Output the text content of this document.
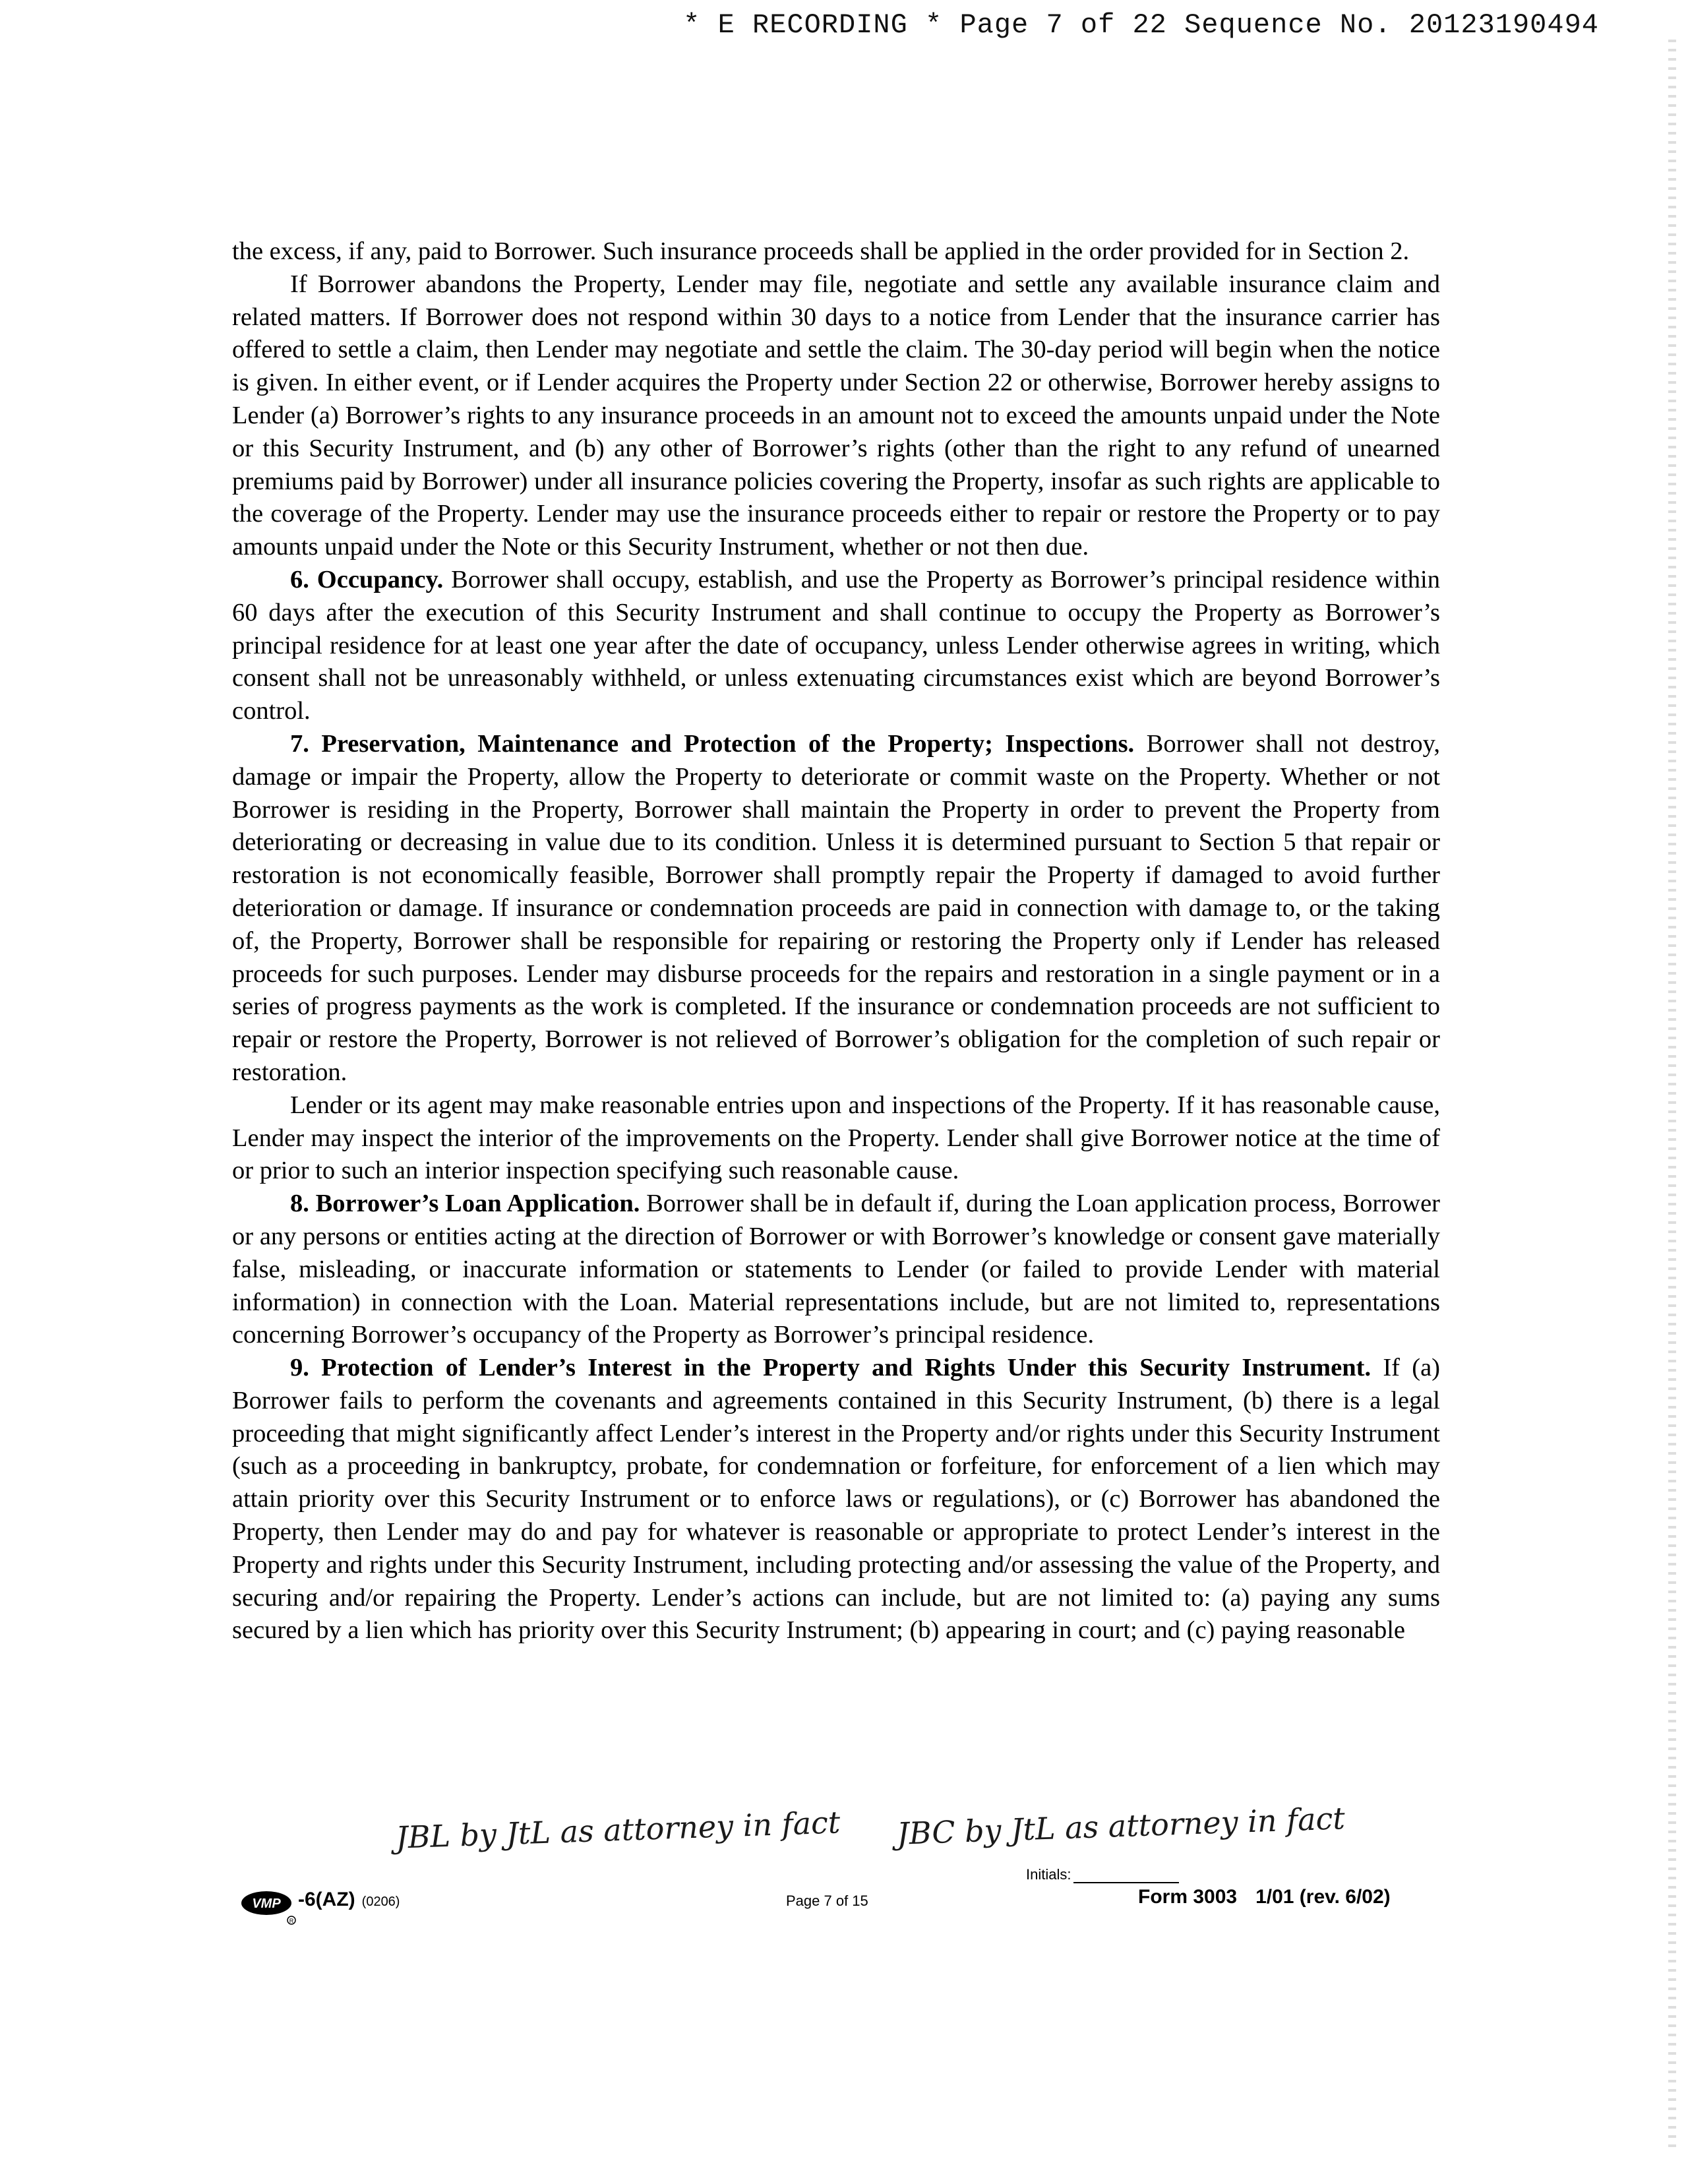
* E RECORDING * Page 7 of 22 Sequence No. 20123190494

the excess, if any, paid to Borrower. Such insurance proceeds shall be applied in the order provided for in Section 2.

If Borrower abandons the Property, Lender may file, negotiate and settle any available insurance claim and related matters. If Borrower does not respond within 30 days to a notice from Lender that the insurance carrier has offered to settle a claim, then Lender may negotiate and settle the claim. The 30-day period will begin when the notice is given. In either event, or if Lender acquires the Property under Section 22 or otherwise, Borrower hereby assigns to Lender (a) Borrower’s rights to any insurance proceeds in an amount not to exceed the amounts unpaid under the Note or this Security Instrument, and (b) any other of Borrower’s rights (other than the right to any refund of unearned premiums paid by Borrower) under all insurance policies covering the Property, insofar as such rights are applicable to the coverage of the Property. Lender may use the insurance proceeds either to repair or restore the Property or to pay amounts unpaid under the Note or this Security Instrument, whether or not then due.

6. Occupancy. Borrower shall occupy, establish, and use the Property as Borrower’s principal residence within 60 days after the execution of this Security Instrument and shall continue to occupy the Property as Borrower’s principal residence for at least one year after the date of occupancy, unless Lender otherwise agrees in writing, which consent shall not be unreasonably withheld, or unless extenuating circumstances exist which are beyond Borrower’s control.

7. Preservation, Maintenance and Protection of the Property; Inspections. Borrower shall not destroy, damage or impair the Property, allow the Property to deteriorate or commit waste on the Property. Whether or not Borrower is residing in the Property, Borrower shall maintain the Property in order to prevent the Property from deteriorating or decreasing in value due to its condition. Unless it is determined pursuant to Section 5 that repair or restoration is not economically feasible, Borrower shall promptly repair the Property if damaged to avoid further deterioration or damage. If insurance or condemnation proceeds are paid in connection with damage to, or the taking of, the Property, Borrower shall be responsible for repairing or restoring the Property only if Lender has released proceeds for such purposes. Lender may disburse proceeds for the repairs and restoration in a single payment or in a series of progress payments as the work is completed. If the insurance or condemnation proceeds are not sufficient to repair or restore the Property, Borrower is not relieved of Borrower’s obligation for the completion of such repair or restoration.

Lender or its agent may make reasonable entries upon and inspections of the Property. If it has reasonable cause, Lender may inspect the interior of the improvements on the Property. Lender shall give Borrower notice at the time of or prior to such an interior inspection specifying such reasonable cause.

8. Borrower’s Loan Application. Borrower shall be in default if, during the Loan application process, Borrower or any persons or entities acting at the direction of Borrower or with Borrower’s knowledge or consent gave materially false, misleading, or inaccurate information or statements to Lender (or failed to provide Lender with material information) in connection with the Loan. Material representations include, but are not limited to, representations concerning Borrower’s occupancy of the Property as Borrower’s principal residence.

9. Protection of Lender’s Interest in the Property and Rights Under this Security Instrument. If (a) Borrower fails to perform the covenants and agreements contained in this Security Instrument, (b) there is a legal proceeding that might significantly affect Lender’s interest in the Property and/or rights under this Security Instrument (such as a proceeding in bankruptcy, probate, for condemnation or forfeiture, for enforcement of a lien which may attain priority over this Security Instrument or to enforce laws or regulations), or (c) Borrower has abandoned the Property, then Lender may do and pay for whatever is reasonable or appropriate to protect Lender’s interest in the Property and rights under this Security Instrument, including protecting and/or assessing the value of the Property, and securing and/or repairing the Property. Lender’s actions can include, but are not limited to: (a) paying any sums secured by a lien which has priority over this Security Instrument; (b) appearing in court; and (c) paying reasonable

JBL by JtL as attorney in fact JBC by JtL as attorney in fact
VMP
R
-6(AZ) (0206)	Page 7 of 15
Initials:
Form 3003 1/01 (rev. 6/02)
